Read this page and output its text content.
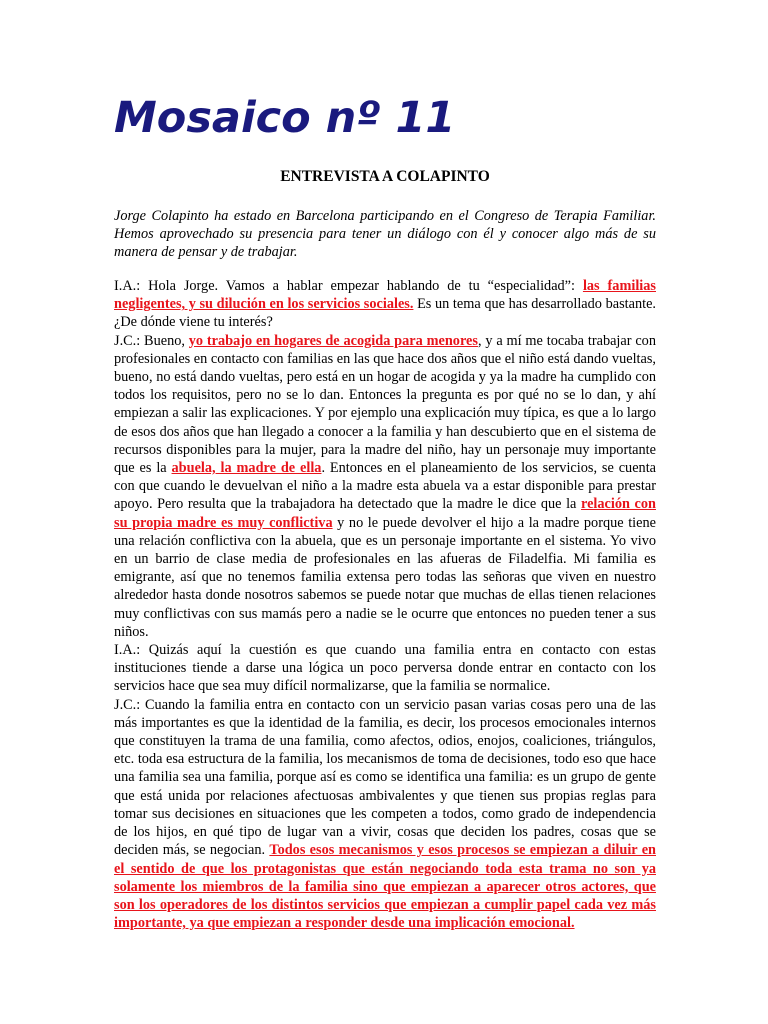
Mosaico nº 11
ENTREVISTA A COLAPINTO

Jorge Colapinto ha estado en Barcelona participando en el Congreso de Terapia Familiar. Hemos aprovechado su presencia para tener un diálogo con él y conocer algo más de su manera de pensar y de trabajar.

I.A.: Hola Jorge. Vamos a hablar empezar hablando de tu “especialidad”: las familias negligentes, y su dilución en los servicios sociales. Es un tema que has desarrollado bastante. ¿De dónde viene tu interés?

J.C.: Bueno, yo trabajo en hogares de acogida para menores, y a mí me tocaba trabajar con profesionales en contacto con familias en las que hace dos años que el niño está dando vueltas, bueno, no está dando vueltas, pero está en un hogar de acogida y ya la madre ha cumplido con todos los requisitos, pero no se lo dan. Entonces la pregunta es por qué no se lo dan, y ahí empiezan a salir las explicaciones. Y por ejemplo una explicación muy típica, es que a lo largo de esos dos años que han llegado a conocer a la familia y han descubierto que en el sistema de recursos disponibles para la mujer, para la madre del niño, hay un personaje muy importante que es la abuela, la madre de ella. Entonces en el planeamiento de los servicios, se cuenta con que cuando le devuelvan el niño a la madre esta abuela va a estar disponible para prestar apoyo. Pero resulta que la trabajadora ha detectado que la madre le dice que la relación con su propia madre es muy conflictiva y no le puede devolver el hijo a la madre porque tiene una relación conflictiva con la abuela, que es un personaje importante en el sistema. Yo vivo en un barrio de clase media de profesionales en las afueras de Filadelfia. Mi familia es emigrante, así que no tenemos familia extensa pero todas las señoras que viven en nuestro alrededor hasta donde nosotros sabemos se puede notar que muchas de ellas tienen relaciones muy conflictivas con sus mamás pero a nadie se le ocurre que entonces no pueden tener a sus niños.

I.A.: Quizás aquí la cuestión es que cuando una familia entra en contacto con estas instituciones tiende a darse una lógica un poco perversa donde entrar en contacto con los servicios hace que sea muy difícil normalizarse, que la familia se normalice.

J.C.: Cuando la familia entra en contacto con un servicio pasan varias cosas pero una de las más importantes es que la identidad de la familia, es decir, los procesos emocionales internos que constituyen la trama de una familia, como afectos, odios, enojos, coaliciones, triángulos, etc. toda esa estructura de la familia, los mecanismos de toma de decisiones, todo eso que hace una familia sea una familia, porque así es como se identifica una familia: es un grupo de gente que está unida por relaciones afectuosas ambivalentes y que tienen sus propias reglas para tomar sus decisiones en situaciones que les competen a todos, como grado de independencia de los hijos, en qué tipo de lugar van a vivir, cosas que deciden los padres, cosas que se deciden más, se negocian. Todos esos mecanismos y esos procesos se empiezan a diluir en el sentido de que los protagonistas que están negociando toda esta trama no son ya solamente los miembros de la familia sino que empiezan a aparecer otros actores, que son los operadores de los distintos servicios que empiezan a cumplir papel cada vez más importante, ya que empiezan a responder desde una implicación emocional.
